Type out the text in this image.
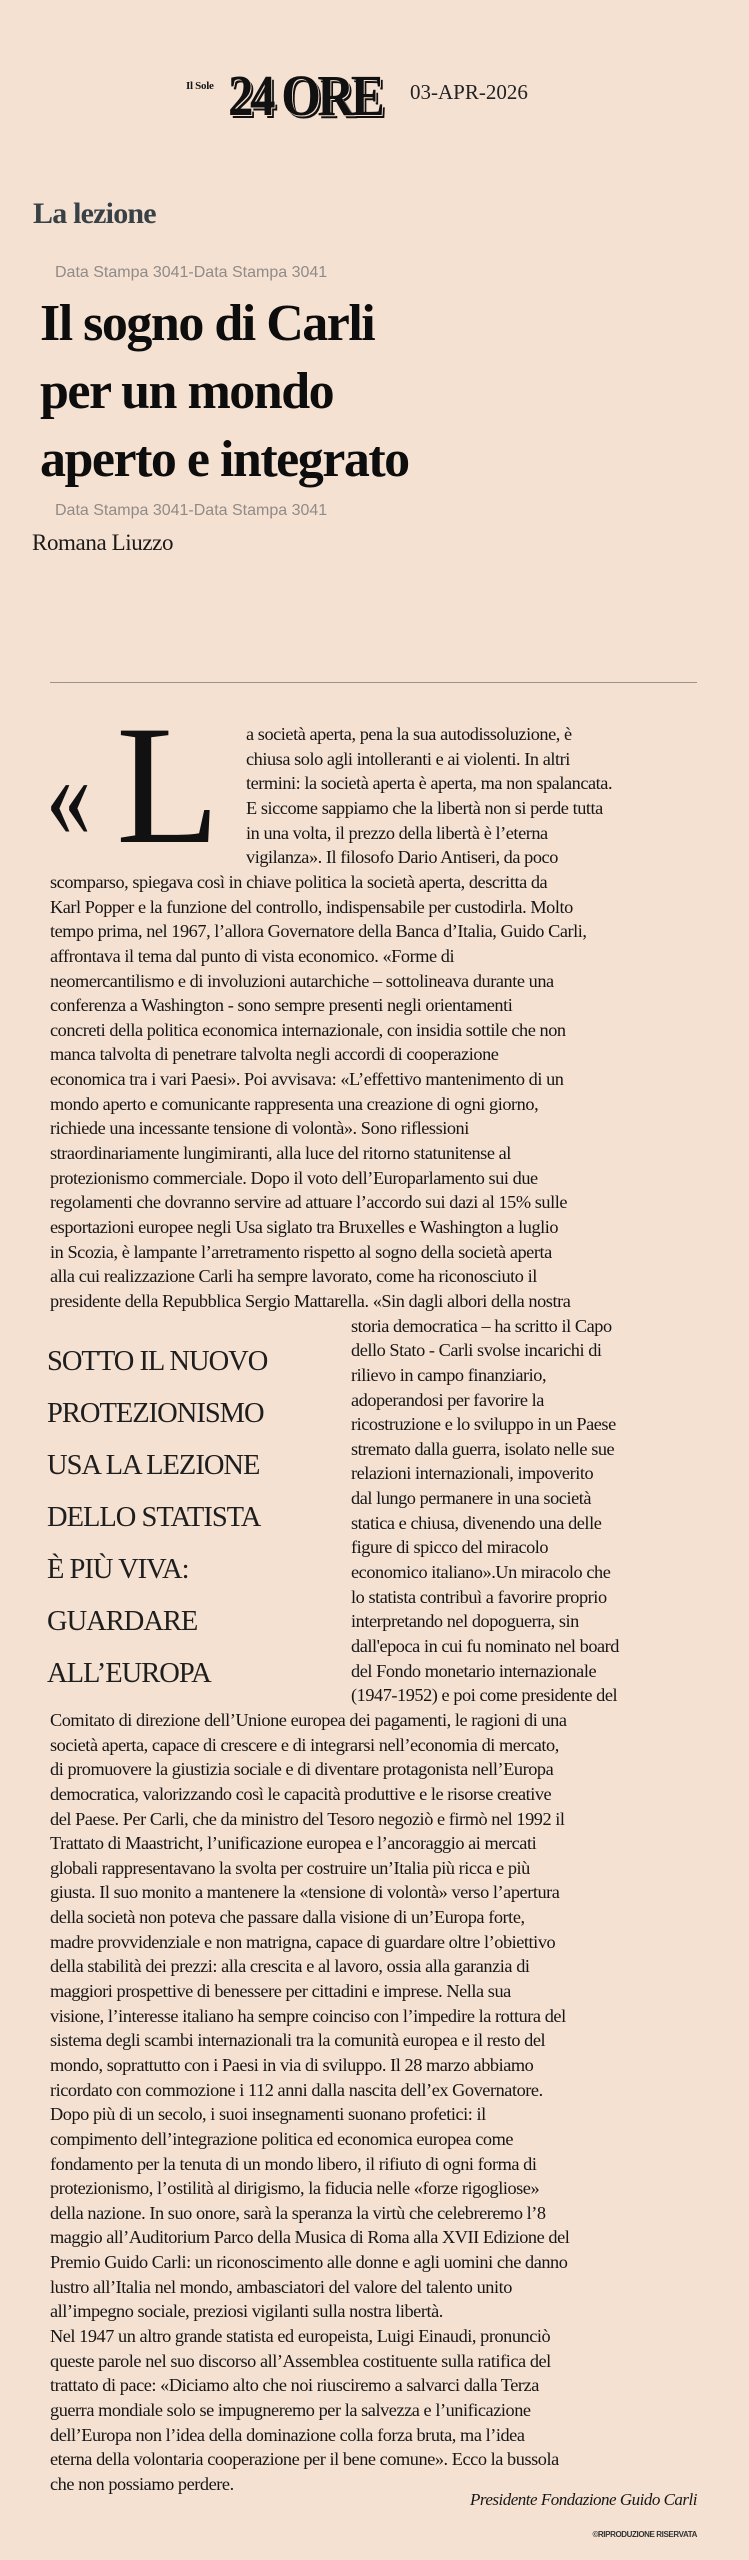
Il Sole 24 ORE 03-APR-2026
La lezione
Data Stampa 3041-Data Stampa 3041
Il sogno di Carli
per un mondo
aperto e integrato
Data Stampa 3041-Data Stampa 3041
Romana Liuzzo
« L a società aperta, pena la sua autodissoluzione, è
chiusa solo agli intolleranti e ai violenti. In altri
termini: la società aperta è aperta, ma non spalancata.
E siccome sappiamo che la libertà non si perde tutta
in una volta, il prezzo della libertà è l’eterna
vigilanza». Il filosofo Dario Antiseri, da poco
scomparso, spiegava così in chiave politica la società aperta, descritta da
Karl Popper e la funzione del controllo, indispensabile per custodirla. Molto
tempo prima, nel 1967, l’allora Governatore della Banca d’Italia, Guido Carli,
affrontava il tema dal punto di vista economico. «Forme di
neomercantilismo e di involuzioni autarchiche – sottolineava durante una
conferenza a Washington - sono sempre presenti negli orientamenti
concreti della politica economica internazionale, con insidia sottile che non
manca talvolta di penetrare talvolta negli accordi di cooperazione
economica tra i vari Paesi». Poi avvisava: «L’effettivo mantenimento di un
mondo aperto e comunicante rappresenta una creazione di ogni giorno,
richiede una incessante tensione di volontà». Sono riflessioni
straordinariamente lungimiranti, alla luce del ritorno statunitense al
protezionismo commerciale. Dopo il voto dell’Europarlamento sui due
regolamenti che dovranno servire ad attuare l’accordo sui dazi al 15% sulle
esportazioni europee negli Usa siglato tra Bruxelles e Washington a luglio
in Scozia, è lampante l’arretramento rispetto al sogno della società aperta
alla cui realizzazione Carli ha sempre lavorato, come ha riconosciuto il
presidente della Repubblica Sergio Mattarella. «Sin dagli albori della nostra
storia democratica – ha scritto il Capo
dello Stato - Carli svolse incarichi di
rilievo in campo finanziario,
adoperandosi per favorire la
ricostruzione e lo sviluppo in un Paese
stremato dalla guerra, isolato nelle sue
relazioni internazionali, impoverito
dal lungo permanere in una società
statica e chiusa, divenendo una delle
figure di spicco del miracolo
economico italiano».Un miracolo che
lo statista contribuì a favorire proprio
interpretando nel dopoguerra, sin
dall'epoca in cui fu nominato nel board
del Fondo monetario internazionale
(1947-1952) e poi come presidente del
SOTTO IL NUOVO
PROTEZIONISMO
USA LA LEZIONE
DELLO STATISTA
È PIÙ VIVA:
GUARDARE
ALL’EUROPA
Comitato di direzione dell’Unione europea dei pagamenti, le ragioni di una
società aperta, capace di crescere e di integrarsi nell’economia di mercato,
di promuovere la giustizia sociale e di diventare protagonista nell’Europa
democratica, valorizzando così le capacità produttive e le risorse creative
del Paese. Per Carli, che da ministro del Tesoro negoziò e firmò nel 1992 il
Trattato di Maastricht, l’unificazione europea e l’ancoraggio ai mercati
globali rappresentavano la svolta per costruire un’Italia più ricca e più
giusta. Il suo monito a mantenere la «tensione di volontà» verso l’apertura
della società non poteva che passare dalla visione di un’Europa forte,
madre provvidenziale e non matrigna, capace di guardare oltre l’obiettivo
della stabilità dei prezzi: alla crescita e al lavoro, ossia alla garanzia di
maggiori prospettive di benessere per cittadini e imprese. Nella sua
visione, l’interesse italiano ha sempre coinciso con l’impedire la rottura del
sistema degli scambi internazionali tra la comunità europea e il resto del
mondo, soprattutto con i Paesi in via di sviluppo. Il 28 marzo abbiamo
ricordato con commozione i 112 anni dalla nascita dell’ex Governatore.
Dopo più di un secolo, i suoi insegnamenti suonano profetici: il
compimento dell’integrazione politica ed economica europea come
fondamento per la tenuta di un mondo libero, il rifiuto di ogni forma di
protezionismo, l’ostilità al dirigismo, la fiducia nelle «forze rigogliose»
della nazione. In suo onore, sarà la speranza la virtù che celebreremo l’8
maggio all’Auditorium Parco della Musica di Roma alla XVII Edizione del
Premio Guido Carli: un riconoscimento alle donne e agli uomini che danno
lustro all’Italia nel mondo, ambasciatori del valore del talento unito
all’impegno sociale, preziosi vigilanti sulla nostra libertà.
Nel 1947 un altro grande statista ed europeista, Luigi Einaudi, pronunciò
queste parole nel suo discorso all’Assemblea costituente sulla ratifica del
trattato di pace: «Diciamo alto che noi riusciremo a salvarci dalla Terza
guerra mondiale solo se impugneremo per la salvezza e l’unificazione
dell’Europa non l’idea della dominazione colla forza bruta, ma l’idea
eterna della volontaria cooperazione per il bene comune». Ecco la bussola
che non possiamo perdere.
Presidente Fondazione Guido Carli
©RIPRODUZIONE RISERVATA
